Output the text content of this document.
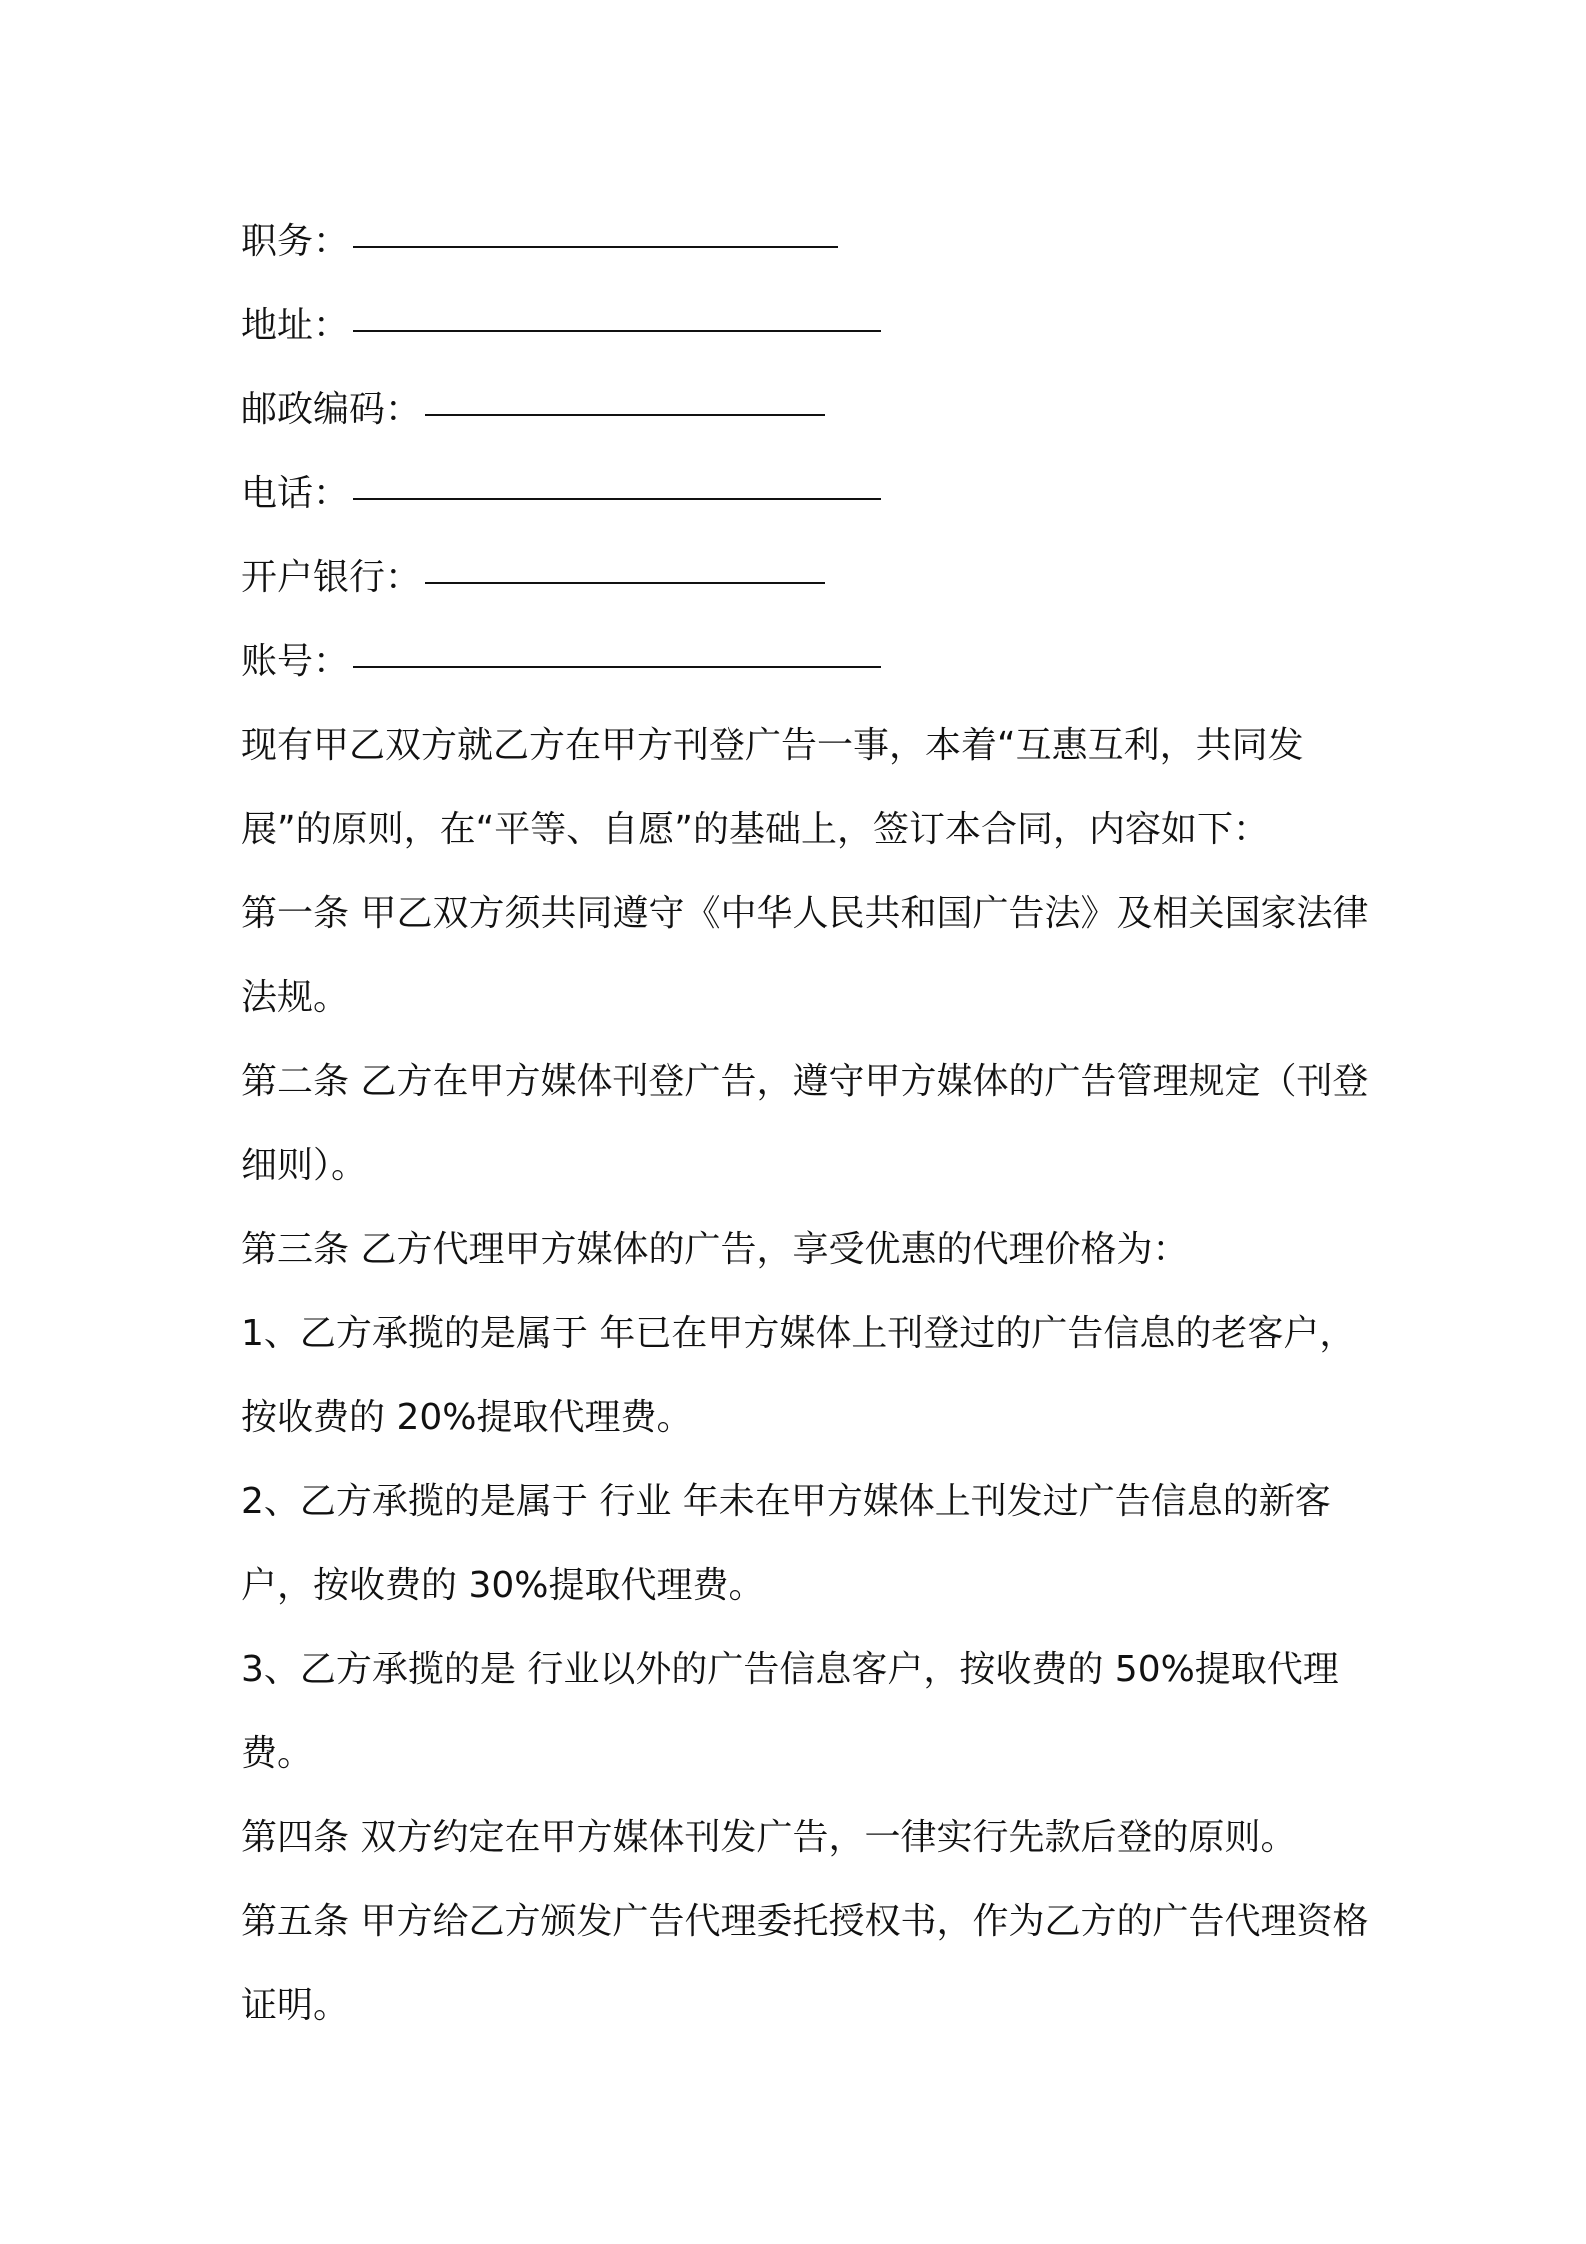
职务：
地址：
邮政编码：
电话：
开户银行：
账号：

现有甲乙双方就乙方在甲方刊登广告一事，本着“互惠互利，共同发展”的原则，在“平等、自愿”的基础上，签订本合同，内容如下：

第一条 甲乙双方须共同遵守《中华人民共和国广告法》及相关国家法律法规。

第二条 乙方在甲方媒体刊登广告，遵守甲方媒体的广告管理规定（刊登细则）。

第三条 乙方代理甲方媒体的广告，享受优惠的代理价格为：

1、乙方承揽的是属于 年已在甲方媒体上刊登过的广告信息的老客户，按收费的 20%提取代理费。

2、乙方承揽的是属于 行业 年未在甲方媒体上刊发过广告信息的新客户，按收费的 30%提取代理费。

3、乙方承揽的是 行业以外的广告信息客户，按收费的 50%提取代理费。

第四条 双方约定在甲方媒体刊发广告，一律实行先款后登的原则。

第五条 甲方给乙方颁发广告代理委托授权书，作为乙方的广告代理资格证明。
